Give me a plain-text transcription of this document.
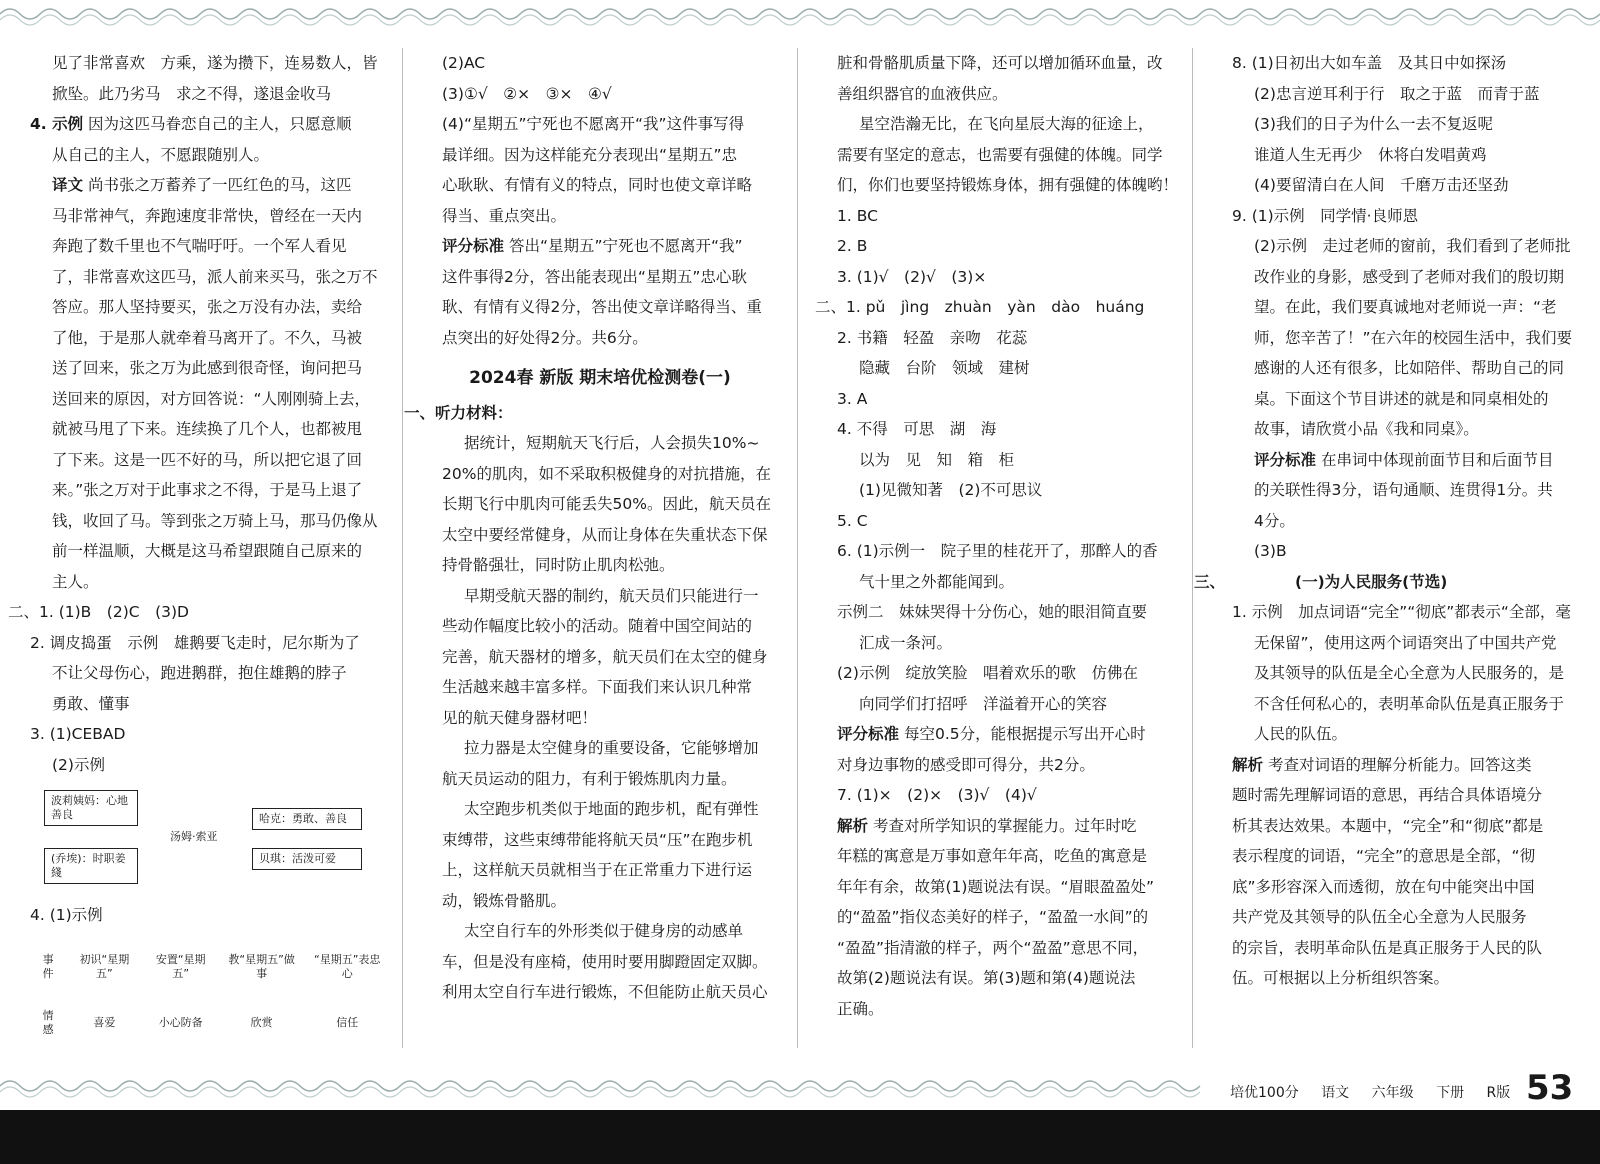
见了非常喜欢　方乘，遂为攒下，连易数人，皆

掀坠。此乃劣马　求之不得，遂退金收马

4. 示例 因为这匹马眷恋自己的主人，只愿意顺

从自己的主人，不愿跟随别人。

译文 尚书张之万蓄养了一匹红色的马，这匹

马非常神气，奔跑速度非常快，曾经在一天内

奔跑了数千里也不气喘吁吁。一个军人看见

了，非常喜欢这匹马，派人前来买马，张之万不

答应。那人坚持要买，张之万没有办法，卖给

了他，于是那人就牵着马离开了。不久，马被

送了回来，张之万为此感到很奇怪，询问把马

送回来的原因，对方回答说：“人刚刚骑上去，

就被马甩了下来。连续换了几个人，也都被甩

了下来。这是一匹不好的马，所以把它退了回

来。”张之万对于此事求之不得，于是马上退了

钱，收回了马。等到张之万骑上马，那马仍像从

前一样温顺，大概是这马希望跟随自己原来的

主人。

二、1. (1)B　(2)C　(3)D

2. 调皮捣蛋　示例　雄鹅要飞走时，尼尔斯为了

不让父母伤心，跑进鹅群，抱住雄鹅的脖子

勇敢、懂事

3. (1)CEBAD

(2)示例

波莉姨妈：心地善良
(乔埃)：时职姜綫
汤姆·索亚
哈克：勇敢、善良
贝琪：活泼可爱

4. (1)示例

事件	初识“星期五”	安置“星期五”	教“星期五”做事	“星期五”表忠心
情感	喜爱	小心防备	欣赏	信任

(2)AC

(3)①√　②×　③×　④√

(4)“星期五”宁死也不愿离开“我”这件事写得

最详细。因为这样能充分表现出“星期五”忠

心耿耿、有情有义的特点，同时也使文章详略

得当、重点突出。

评分标准 答出“星期五”宁死也不愿离开“我”

这件事得2分，答出能表现出“星期五”忠心耿

耿、有情有义得2分，答出使文章详略得当、重

点突出的好处得2分。共6分。

2024春 新版 期末培优检测卷(一)

一、听力材料：

据统计，短期航天飞行后，人会损失10%~

20%的肌肉，如不采取积极健身的对抗措施，在

长期飞行中肌肉可能丢失50%。因此，航天员在

太空中要经常健身，从而让身体在失重状态下保

持骨骼强壮，同时防止肌肉松弛。

早期受航天器的制约，航天员们只能进行一

些动作幅度比较小的活动。随着中国空间站的

完善，航天器材的增多，航天员们在太空的健身

生活越来越丰富多样。下面我们来认识几种常

见的航天健身器材吧！

拉力器是太空健身的重要设备，它能够增加

航天员运动的阻力，有利于锻炼肌肉力量。

太空跑步机类似于地面的跑步机，配有弹性

束缚带，这些束缚带能将航天员“压”在跑步机

上，这样航天员就相当于在正常重力下进行运

动，锻炼骨骼肌。

太空自行车的外形类似于健身房的动感单

车，但是没有座椅，使用时要用脚蹬固定双脚。

利用太空自行车进行锻炼，不但能防止航天员心

脏和骨骼肌质量下降，还可以增加循环血量，改

善组织器官的血液供应。

星空浩瀚无比，在飞向星辰大海的征途上，

需要有坚定的意志，也需要有强健的体魄。同学

们，你们也要坚持锻炼身体，拥有强健的体魄哟！

1. BC

2. B

3. (1)√　(2)√　(3)×

二、1. pǔ　jìng　zhuàn　yàn　dào　huáng

2. 书籍　轻盈　亲吻　花蕊

隐藏　台阶　领域　建树

3. A

4. 不得　可思　湖　海

以为　见　知　箱　柜

(1)见微知著　(2)不可思议

5. C

6. (1)示例一　院子里的桂花开了，那醉人的香

气十里之外都能闻到。

示例二　妹妹哭得十分伤心，她的眼泪简直要

汇成一条河。

(2)示例　绽放笑脸　唱着欢乐的歌　仿佛在

向同学们打招呼　洋溢着开心的笑容

评分标准 每空0.5分，能根据提示写出开心时

对身边事物的感受即可得分，共2分。

7. (1)×　(2)×　(3)√　(4)√

解析 考查对所学知识的掌握能力。过年时吃

年糕的寓意是万事如意年年高，吃鱼的寓意是

年年有余，故第(1)题说法有误。“眉眼盈盈处”

的“盈盈”指仪态美好的样子，“盈盈一水间”的

“盈盈”指清澈的样子，两个“盈盈”意思不同，

故第(2)题说法有误。第(3)题和第(4)题说法

正确。

8. (1)日初出大如车盖　及其日中如探汤

(2)忠言逆耳利于行　取之于蓝　而青于蓝

(3)我们的日子为什么一去不复返呢

谁道人生无再少　休将白发唱黄鸡

(4)要留清白在人间　千磨万击还坚劲

9. (1)示例　同学情·良师恩

(2)示例　走过老师的窗前，我们看到了老师批

改作业的身影，感受到了老师对我们的殷切期

望。在此，我们要真诚地对老师说一声：“老

师，您辛苦了！”在六年的校园生活中，我们要

感谢的人还有很多，比如陪伴、帮助自己的同

桌。下面这个节目讲述的就是和同桌相处的

故事，请欣赏小品《我和同桌》。

评分标准 在串词中体现前面节目和后面节目

的关联性得3分，语句通顺、连贯得1分。共

4分。

(3)B

三、	(一)为人民服务(节选)

1. 示例　加点词语“完全”“彻底”都表示“全部，毫

无保留”，使用这两个词语突出了中国共产党

及其领导的队伍是全心全意为人民服务的，是

不含任何私心的，表明革命队伍是真正服务于

人民的队伍。

解析 考查对词语的理解分析能力。回答这类

题时需先理解词语的意思，再结合具体语境分

析其表达效果。本题中，“完全”和“彻底”都是

表示程度的词语，“完全”的意思是全部，“彻

底”多形容深入而透彻，放在句中能突出中国

共产党及其领导的队伍全心全意为人民服务

的宗旨，表明革命队伍是真正服务于人民的队

伍。可根据以上分析组织答案。

培优100分 语文 六年级 下册 R版 53
